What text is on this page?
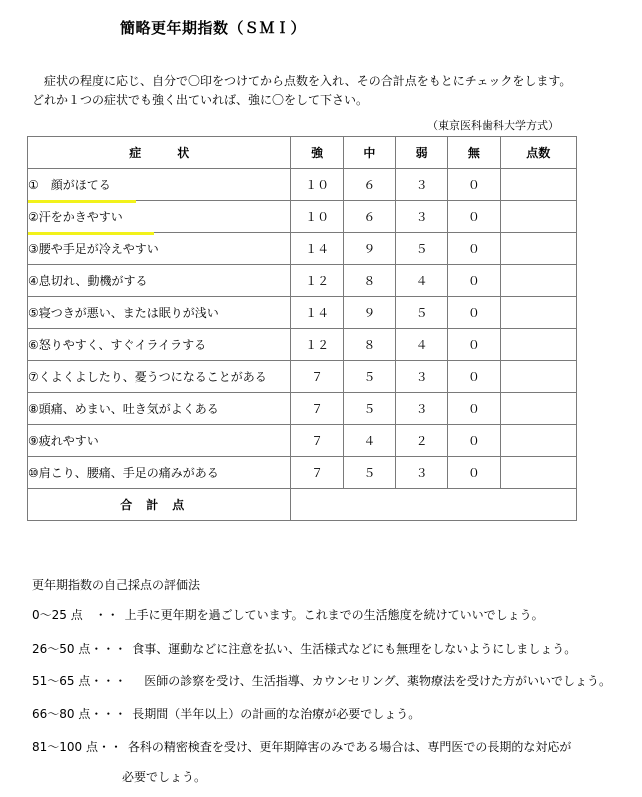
簡略更年期指数（ＳＭＩ）
症状の程度に応じ、自分で〇印をつけてから点数を入れ、その合計点をもとにチェックをします。
どれか１つの症状でも強く出ていれば、強に〇をして下さい。
（東京医科歯科大学方式）
症　　　状	強	中	弱	無	点数
①　顔がほてる	１０	６	３	０	
②汗をかきやすい	１０	６	３	０	
③腰や手足が冷えやすい	１４	９	５	０	
④息切れ、動機がする	１２	８	４	０	
⑤寝つきが悪い、または眠りが浅い	１４	９	５	０	
⑥怒りやすく、すぐイライラする	１２	８	４	０	
⑦くよくよしたり、憂うつになることがある	７	５	３	０	
⑧頭痛、めまい、吐き気がよくある	７	５	３	０	
⑨疲れやすい	７	４	２	０	
⑩肩こり、腰痛、手足の痛みがある	７	５	３	０	
合計点					
更年期指数の自己採点の評価法
0～25 点　・・ 上手に更年期を過ごしています。これまでの生活態度を続けていいでしょう。
26～50 点・・・ 食事、運動などに注意を払い、生活様式などにも無理をしないようにしましょう。
51～65 点・・・ 　医師の診察を受け、生活指導、カウンセリング、薬物療法を受けた方がいいでしょう。
66～80 点・・・ 長期間（半年以上）の計画的な治療が必要でしょう。
81～100 点・・ 各科の精密検査を受け、更年期障害のみである場合は、専門医での長期的な対応が
必要でしょう。
